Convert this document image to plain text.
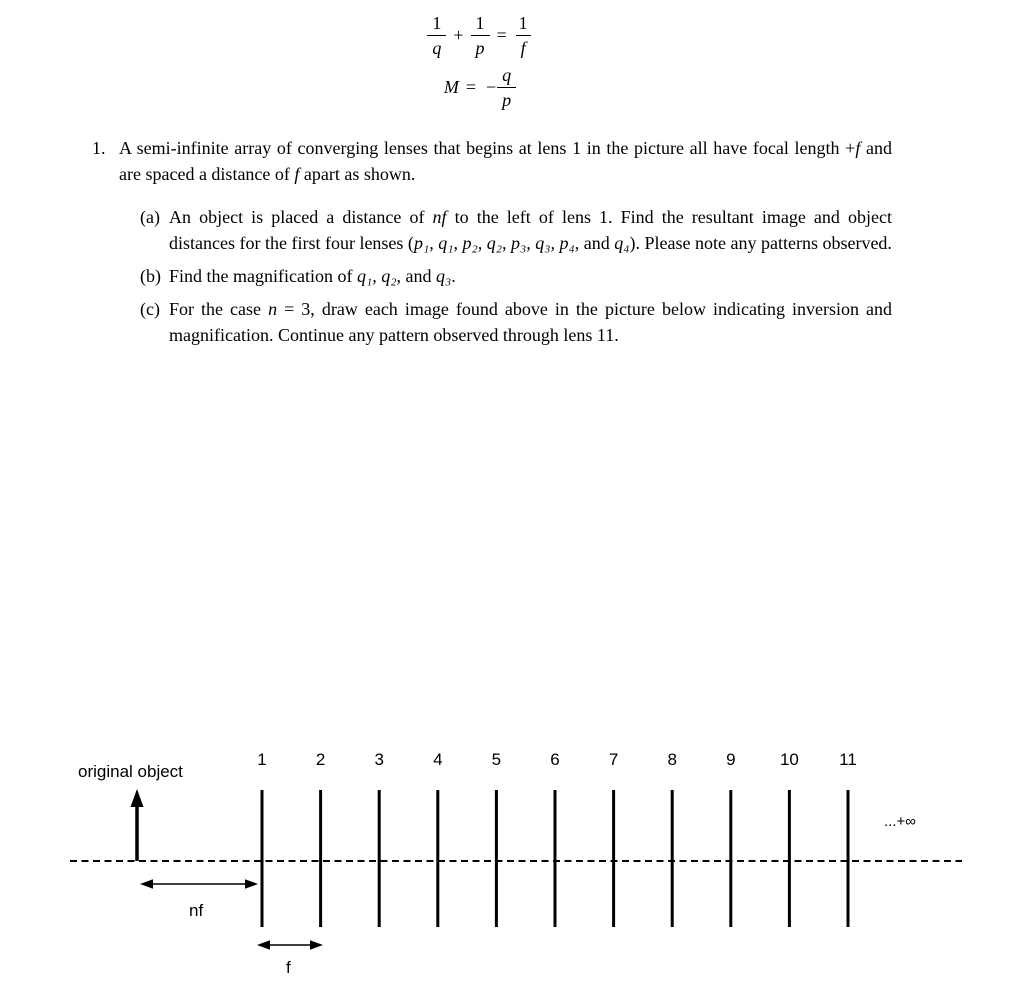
$\frac{1}{q} + \frac{1}{p} = \frac{1}{f}$
M = − $\frac{q}{p}$
1. A semi-infinite array of converging lenses that begins at lens 1 in the picture all have focal length +f and are spaced a distance of f apart as shown.
(a) An object is placed a distance of nf to the left of lens 1. Find the resultant image and object distances for the first four lenses (p₁, q₁, p₂, q₂, p₃, q₃, p₄, and q₄). Please note any patterns observed.
(b) Find the magnification of q₁, q₂, and q₃.
(c) For the case n = 3, draw each image found above in the picture below indicating inversion and magnification. Continue any pattern observed through lens 11.
original object
1	2	3	4	5	6	7	8	9	10 11
...+∞
nf
f
